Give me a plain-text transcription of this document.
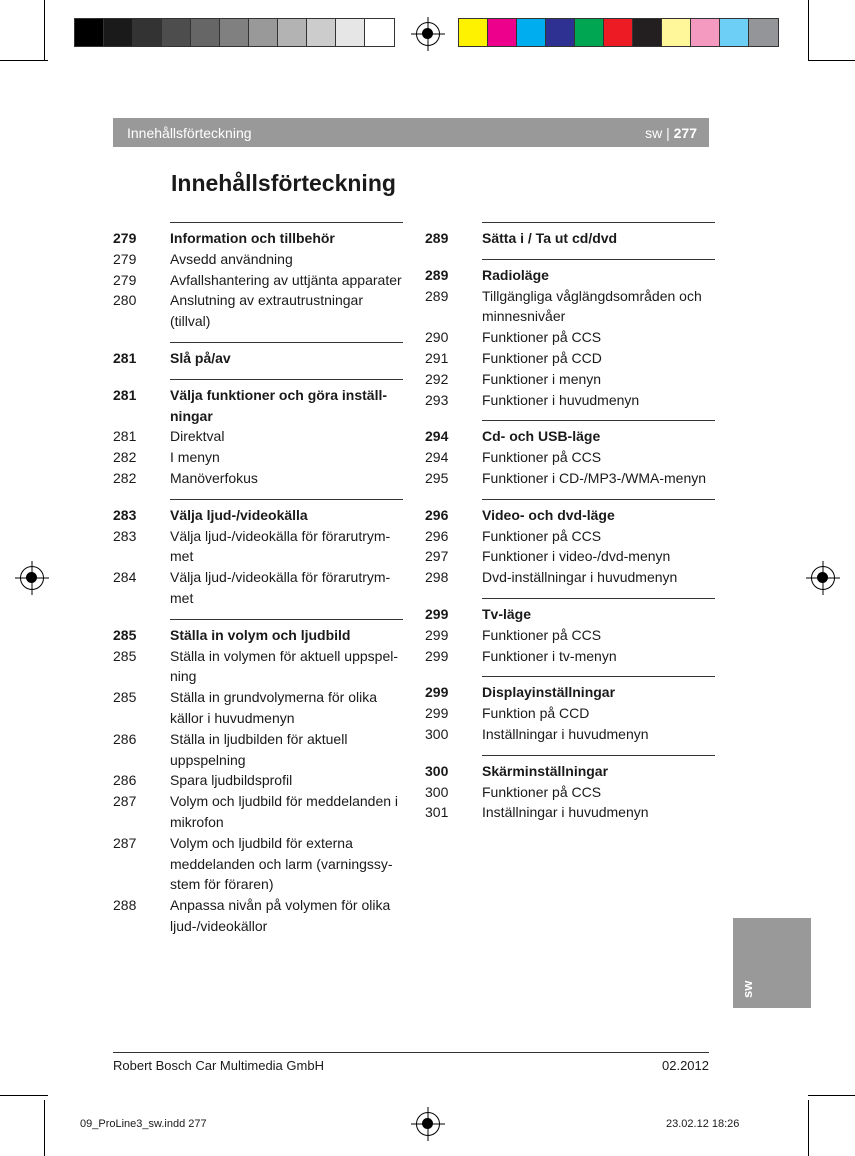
Innehållsförteckning	sw | 277
Innehållsförteckning
279	Information och tillbehör
279	Avsedd användning
279	Avfallshantering av uttjänta apparater
280	Anslutning av extrautrustningar (tillval)
281	Slå på/av
281	Välja funktioner och göra inställ-ningar
281	Direktval
282	I menyn
282	Manöverfokus
283	Välja ljud-/videokälla
283	Välja ljud-/videokälla för förarutrym-met
284	Välja ljud-/videokälla för förarutrym-met
285	Ställa in volym och ljudbild
285	Ställa in volymen för aktuell uppspel-ning
285	Ställa in grundvolymerna för olika källor i huvudmenyn
286	Ställa in ljudbilden för aktuell uppspelning
286	Spara ljudbildsprofil
287	Volym och ljudbild för meddelanden i mikrofon
287	Volym och ljudbild för externa meddelanden och larm (varningssy-stem för föraren)
288	Anpassa nivån på volymen för olika ljud-/videokällor
289	Sätta i / Ta ut cd/dvd
289	Radioläge
289	Tillgängliga våglängdsområden och minnesnivåer
290	Funktioner på CCS
291	Funktioner på CCD
292	Funktioner i menyn
293	Funktioner i huvudmenyn
294	Cd- och USB-läge
294	Funktioner på CCS
295	Funktioner i CD-/MP3-/WMA-menyn
296	Video- och dvd-läge
296	Funktioner på CCS
297	Funktioner i video-/dvd-menyn
298	Dvd-inställningar i huvudmenyn
299	Tv-läge
299	Funktioner på CCS
299	Funktioner i tv-menyn
299	Displayinställningar
299	Funktion på CCD
300	Inställningar i huvudmenyn
300	Skärminställningar
300	Funktioner på CCS
301	Inställningar i huvudmenyn
sw
Robert Bosch Car Multimedia GmbH	02.2012
09_ProLine3_sw.indd 277	23.02.12 18:26
